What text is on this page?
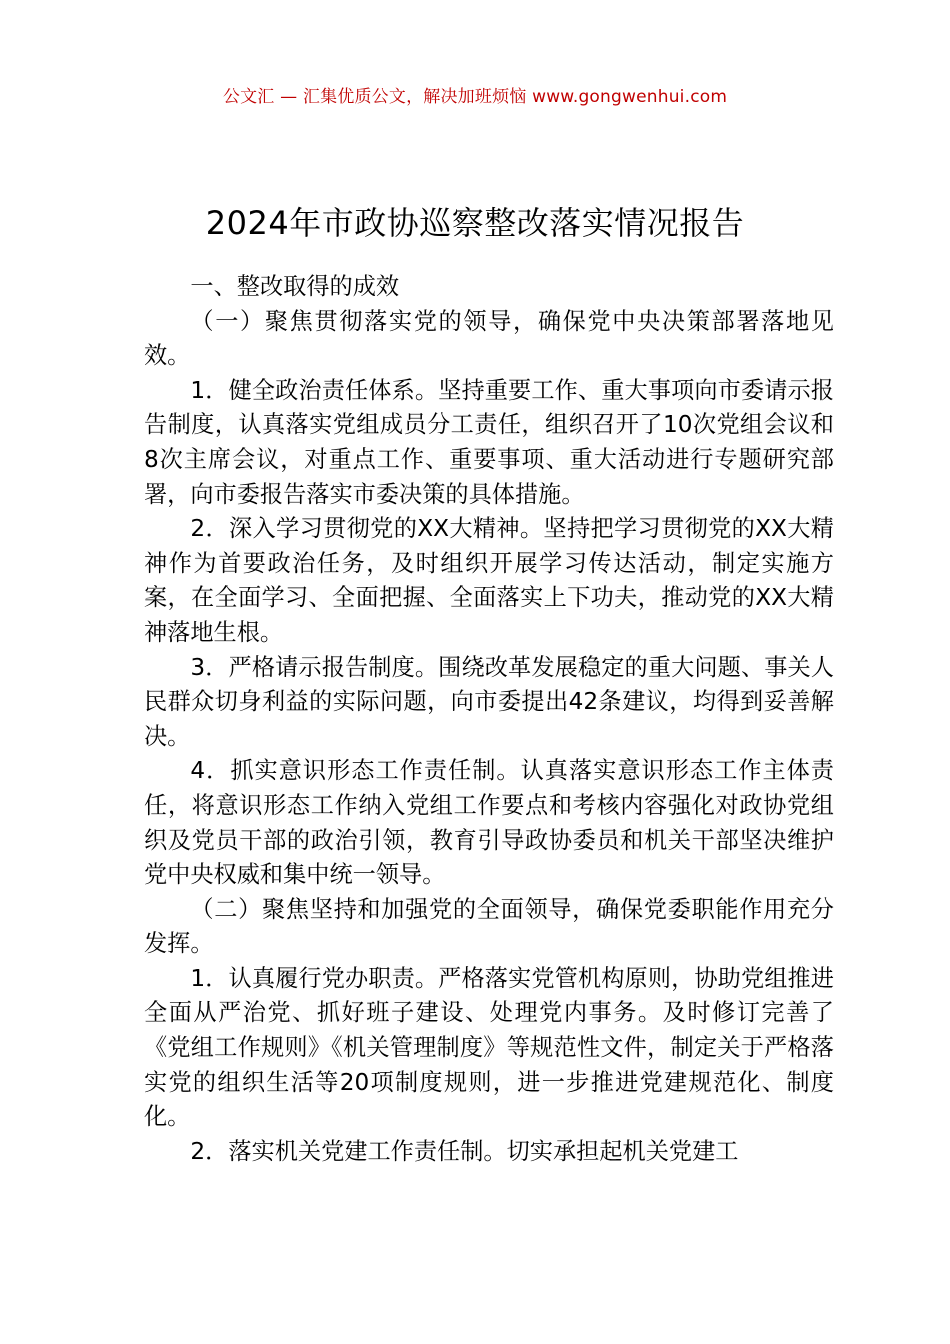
公文汇 — 汇集优质公文，解决加班烦恼 www.gongwenhui.com
2024年市政协巡察整改落实情况报告

一、整改取得的成效

（一）聚焦贯彻落实党的领导，确保党中央决策部署落地见效。

1．健全政治责任体系。坚持重要工作、重大事项向市委请示报告制度，认真落实党组成员分工责任，组织召开了10次党组会议和8次主席会议，对重点工作、重要事项、重大活动进行专题研究部署，向市委报告落实市委决策的具体措施。

2．深入学习贯彻党的XX大精神。坚持把学习贯彻党的XX大精神作为首要政治任务，及时组织开展学习传达活动，制定实施方案，在全面学习、全面把握、全面落实上下功夫，推动党的XX大精神落地生根。

3．严格请示报告制度。围绕改革发展稳定的重大问题、事关人民群众切身利益的实际问题，向市委提出42条建议，均得到妥善解决。

4．抓实意识形态工作责任制。认真落实意识形态工作主体责任，将意识形态工作纳入党组工作要点和考核内容强化对政协党组织及党员干部的政治引领，教育引导政协委员和机关干部坚决维护党中央权威和集中统一领导。

（二）聚焦坚持和加强党的全面领导，确保党委职能作用充分发挥。

1．认真履行党办职责。严格落实党管机构原则，协助党组推进全面从严治党、抓好班子建设、处理党内事务。及时修订完善了《党组工作规则》《机关管理制度》等规范性文件，制定关于严格落实党的组织生活等20项制度规则，进一步推进党建规范化、制度化。

2．落实机关党建工作责任制。切实承担起机关党建工
